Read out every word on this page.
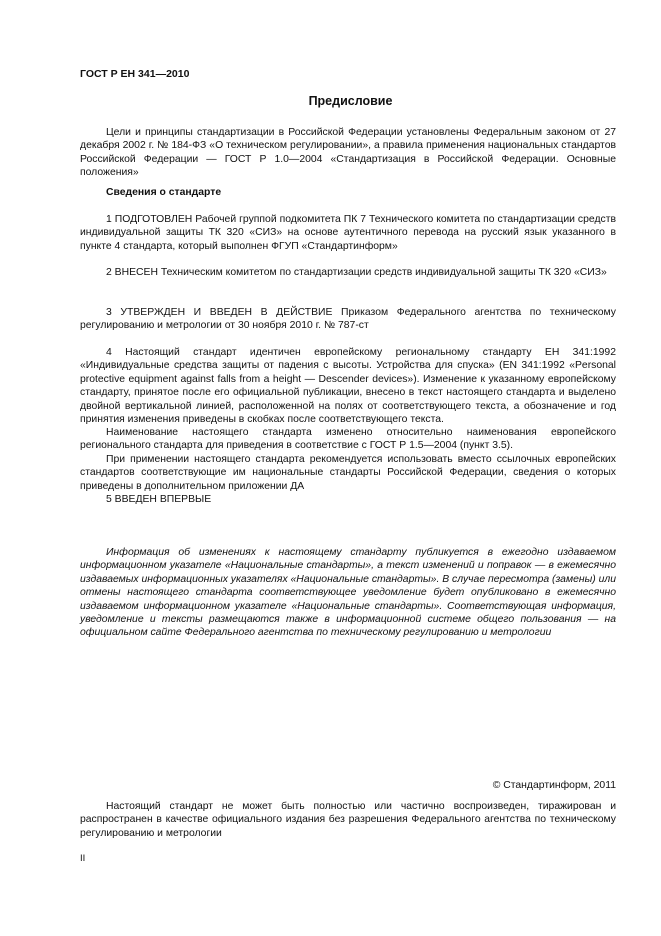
ГОСТ Р ЕН 341—2010
Предисловие

Цели и принципы стандартизации в Российской Федерации установлены Федеральным законом от 27 декабря 2002 г. № 184-ФЗ «О техническом регулировании», а правила применения национальных стандартов Российской Федерации — ГОСТ Р 1.0—2004 «Стандартизация в Российской Федерации. Основные положения»

Сведения о стандарте

1 ПОДГОТОВЛЕН Рабочей группой подкомитета ПК 7 Технического комитета по стандартизации средств индивидуальной защиты ТК 320 «СИЗ» на основе аутентичного перевода на русский язык указанного в пункте 4 стандарта, который выполнен ФГУП «Стандартинформ»

2 ВНЕСЕН Техническим комитетом по стандартизации средств индивидуальной защиты ТК 320 «СИЗ»

3 УТВЕРЖДЕН И ВВЕДЕН В ДЕЙСТВИЕ Приказом Федерального агентства по техническому регулированию и метрологии от 30 ноября 2010 г. № 787-ст

4 Настоящий стандарт идентичен европейскому региональному стандарту ЕН 341:1992 «Индивидуальные средства защиты от падения с высоты. Устройства для спуска» (EN 341:1992 «Personal protective equipment against falls from a height — Descender devices»). Изменение к указанному европейскому стандарту, принятое после его официальной публикации, внесено в текст настоящего стандарта и выделено двойной вертикальной линией, расположенной на полях от соответствующего текста, а обозначение и год принятия изменения приведены в скобках после соответствующего текста.

Наименование настоящего стандарта изменено относительно наименования европейского регионального стандарта для приведения в соответствие с ГОСТ Р 1.5—2004 (пункт 3.5).

При применении настоящего стандарта рекомендуется использовать вместо ссылочных европейских стандартов соответствующие им национальные стандарты Российской Федерации, сведения о которых приведены в дополнительном приложении ДА

5 ВВЕДЕН ВПЕРВЫЕ

Информация об изменениях к настоящему стандарту публикуется в ежегодно издаваемом информационном указателе «Национальные стандарты», а текст изменений и поправок — в ежемесячно издаваемых информационных указателях «Национальные стандарты». В случае пересмотра (замены) или отмены настоящего стандарта соответствующее уведомление будет опубликовано в ежемесячно издаваемом информационном указателе «Национальные стандарты». Соответствующая информация, уведомление и тексты размещаются также в информационной системе общего пользования — на официальном сайте Федерального агентства по техническому регулированию и метрологии

© Стандартинформ, 2011

Настоящий стандарт не может быть полностью или частично воспроизведен, тиражирован и распространен в качестве официального издания без разрешения Федерального агентства по техническому регулированию и метрологии

II
